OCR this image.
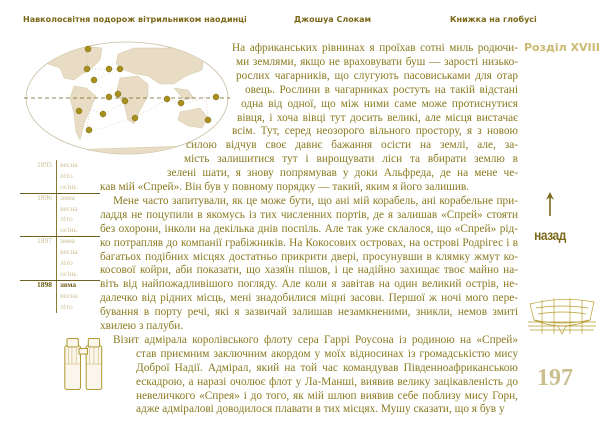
Навколосвітня подорож вітрильником наодинці	Джошуа Слокам	Книжка на глобусі
Розділ XVIII
1895 весна
літо
осінь
1896 зима
весна
літо
осінь
1897 зима
весна
літо
осінь
1898 зима
весна
літо
На африканських рівнинах я проїхав сотні миль родючи-
ми землями, якщо не враховувати буш — зарості низько-
рослих чагарників, що слугують пасовиськами для отар
овець. Рослини в чагарниках ростуть на такій відстані
одна від одної, що між ними саме може протиснутися
вівця, і хоча вівці тут досить великі, але місця вистачає
всім. Тут, серед неозорого вільного простору, я з новою
силою відчув своє давнє бажання осісти на землі, але, за-
мість залишитися тут і вирощувати ліси та вбирати землю в
зелені шати, я знову попрямував у доки Альфреда, де на мене че-
кав мій «Спрей». Він був у повному порядку — такий, яким я його залишив.
Мене часто запитували, як це може бути, що ані мій корабель, ані корабельне при-
ладдя не поцупили в якомусь із тих численних портів, де я залишав «Спрей» стояти
без охорони, інколи на декілька днів поспіль. Але так уже склалося, що «Спрей» рід-
ко потрапляв до компанії грабіжників. На Кокосових островах, на острові Родрігес і в
багатьох подібних місцях достатньо прикрити двері, просунувши в клямку жмут ко-
косової койри, аби показати, що хазяїн пішов, і це надійно захищає твоє майно на-
віть від найпожадливішого погляду. Але коли я завітав на один великий острів, не-
далечко від рідних місць, мені знадобилися міцні засови. Першої ж ночі мого пере-
бування в порту речі, які я зазвичай залишав незамкненими, зникли, немов змиті
хвилею з палуби.
Візит адмірала королівського флоту сера Гаррі Роусона із родиною на «Спрей»
став приємним заключним акордом у моїх відносинах із громадськістю мису
Доброї Надії. Адмірал, який на той час командував Південноафриканською
ескадрою, а наразі очолює флот у Ла-Манші, виявив велику зацікавленість до
невеличкого «Спрея» і до того, як мій шлюп виявив себе поблизу мису Горн,
адже адміралові доводилося плавати в тих місцях. Мушу сказати, що я був у
назад
197
